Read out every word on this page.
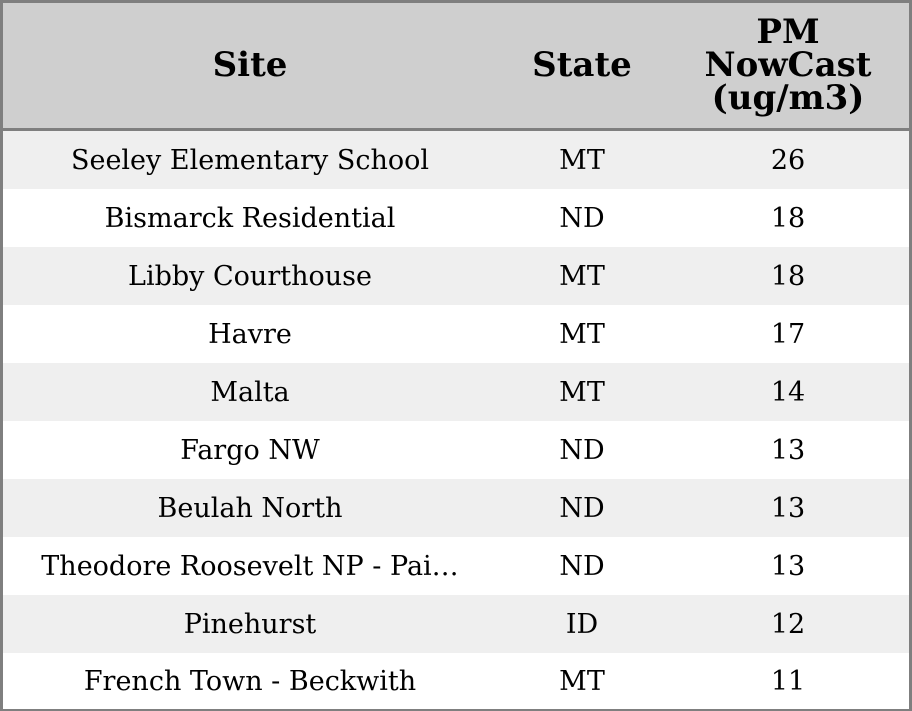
Site	State	PM
NowCast
(ug/m3)
Seeley Elementary School	MT	26
Bismarck Residential	ND	18
Libby Courthouse	MT	18
Havre	MT	17
Malta	MT	14
Fargo NW	ND	13
Beulah North	ND	13
Theodore Roosevelt NP - Pai…	ND	13
Pinehurst	ID	12
French Town - Beckwith	MT	11
